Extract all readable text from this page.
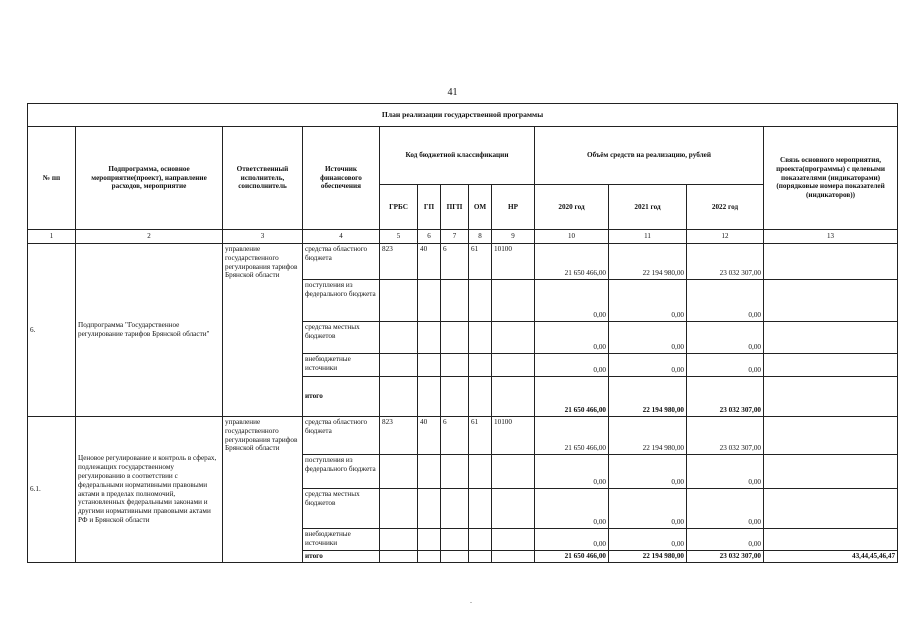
41
План реализации государственной программы												
№ пп	Подпрограмма, основное мероприятие(проект), направление расходов, мероприятие	Ответственный исполнитель, соисполнитель	Источник финансового обеспечения	Код бюджетной классификации					Объём средств на реализацию, рублей			Связь основного мероприятия, проекта(программы) с целевыми показателями (индикаторами) (порядковые номера показателей (индикаторов))
				ГРБС	ГП	ПГП	ОМ	НР	2020 год	2021 год	2022 год	
1	2	3	4	5	6	7	8	9	10	11	12	13
6.	Подпрограмма "Государственное регулирование тарифов Брянской области"	управление государственного регулирования тарифов Брянской области	средства областного бюджета	823	40	6	61	10100	21 650 466,00	22 194 980,00	23 032 307,00	
			поступления из федерального бюджета						0,00	0,00	0,00	
			средства местных бюджетов						0,00	0,00	0,00	
			внебюджетные источники						0,00	0,00	0,00	
			итого						21 650 466,00	22 194 980,00	23 032 307,00	
6.1.	Ценовое регулирование и контроль в сферах, подлежащих государственному регулированию в соответствии с федеральными нормативными правовыми актами в пределах полномочий, установленных федеральными законами и другими нормативными правовыми актами РФ и Брянской области	управление государственного регулирования тарифов Брянской области	средства областного бюджета	823	40	6	61	10100	21 650 466,00	22 194 980,00	23 032 307,00	
			поступления из федерального бюджета						0,00	0,00	0,00	
			средства местных бюджетов						0,00	0,00	0,00	
			внебюджетные источники						0,00	0,00	0,00	
			итого						21 650 466,00	22 194 980,00	23 032 307,00	43,44,45,46,47
.
